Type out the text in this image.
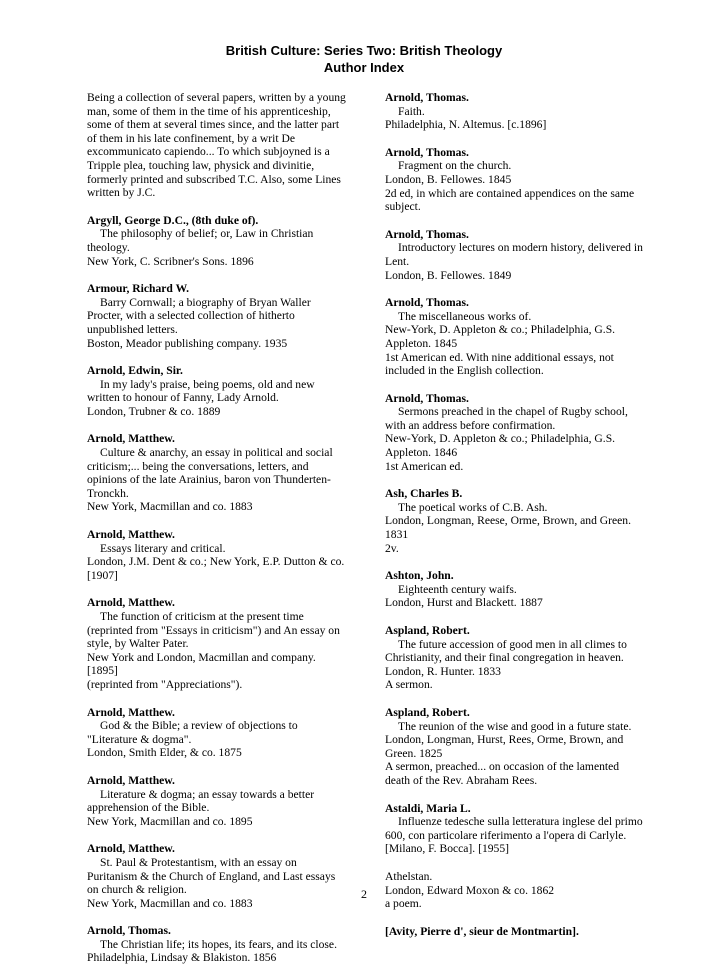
British Culture: Series Two: British Theology
Author Index

Being a collection of several papers, written by a young man, some of them in the time of his apprenticeship, some of them at several times since, and the latter part of them in his late confinement, by a writ De excommunicato capiendo... To which subjoyned is a Tripple plea, touching law, physick and divinitie, formerly printed and subscribed T.C. Also, some Lines written by J.C.

Argyll, George D.C., (8th duke of).

The philosophy of belief; or, Law in Christian theology.

New York, C. Scribner's Sons. 1896

Armour, Richard W.

Barry Cornwall; a biography of Bryan Waller Procter, with a selected collection of hitherto unpublished letters.

Boston, Meador publishing company. 1935

Arnold, Edwin, Sir.

In my lady's praise, being poems, old and new written to honour of Fanny, Lady Arnold.

London, Trubner & co. 1889

Arnold, Matthew.

Culture & anarchy, an essay in political and social criticism;... being the conversations, letters, and opinions of the late Arainius, baron von Thunderten-Tronckh.

New York, Macmillan and co. 1883

Arnold, Matthew.

Essays literary and critical.

London, J.M. Dent & co.; New York, E.P. Dutton & co. [1907]

Arnold, Matthew.

The function of criticism at the present time (reprinted from "Essays in criticism") and An essay on style, by Walter Pater.

New York and London, Macmillan and company. [1895]

(reprinted from "Appreciations").

Arnold, Matthew.

God & the Bible; a review of objections to "Literature & dogma".

London, Smith Elder, & co. 1875

Arnold, Matthew.

Literature & dogma; an essay towards a better apprehension of the Bible.

New York, Macmillan and co. 1895

Arnold, Matthew.

St. Paul & Protestantism, with an essay on Puritanism & the Church of England, and Last essays on church & religion.

New York, Macmillan and co. 1883

Arnold, Thomas.

The Christian life; its hopes, its fears, and its close.

Philadelphia, Lindsay & Blakiston. 1856

Arnold, Thomas.

Faith.

Philadelphia, N. Altemus. [c.1896]

Arnold, Thomas.

Fragment on the church.

London, B. Fellowes. 1845

2d ed, in which are contained appendices on the same subject.

Arnold, Thomas.

Introductory lectures on modern history, delivered in Lent.

London, B. Fellowes. 1849

Arnold, Thomas.

The miscellaneous works of.

New-York, D. Appleton & co.; Philadelphia, G.S. Appleton. 1845

1st American ed. With nine additional essays, not included in the English collection.

Arnold, Thomas.

Sermons preached in the chapel of Rugby school, with an address before confirmation.

New-York, D. Appleton & co.; Philadelphia, G.S. Appleton. 1846

1st American ed.

Ash, Charles B.

The poetical works of C.B. Ash.

London, Longman, Reese, Orme, Brown, and Green. 1831

2v.

Ashton, John.

Eighteenth century waifs.

London, Hurst and Blackett. 1887

Aspland, Robert.

The future accession of good men in all climes to Christianity, and their final congregation in heaven.

London, R. Hunter. 1833

A sermon.

Aspland, Robert.

The reunion of the wise and good in a future state.

London, Longman, Hurst, Rees, Orme, Brown, and Green. 1825

A sermon, preached... on occasion of the lamented death of the Rev. Abraham Rees.

Astaldi, Maria L.

Influenze tedesche sulla letteratura inglese del primo 600, con particolare riferimento a l'opera di Carlyle.

[Milano, F. Bocca]. [1955]

Athelstan.

London, Edward Moxon & co. 1862

a poem.

[Avity, Pierre d', sieur de Montmartin].

2
